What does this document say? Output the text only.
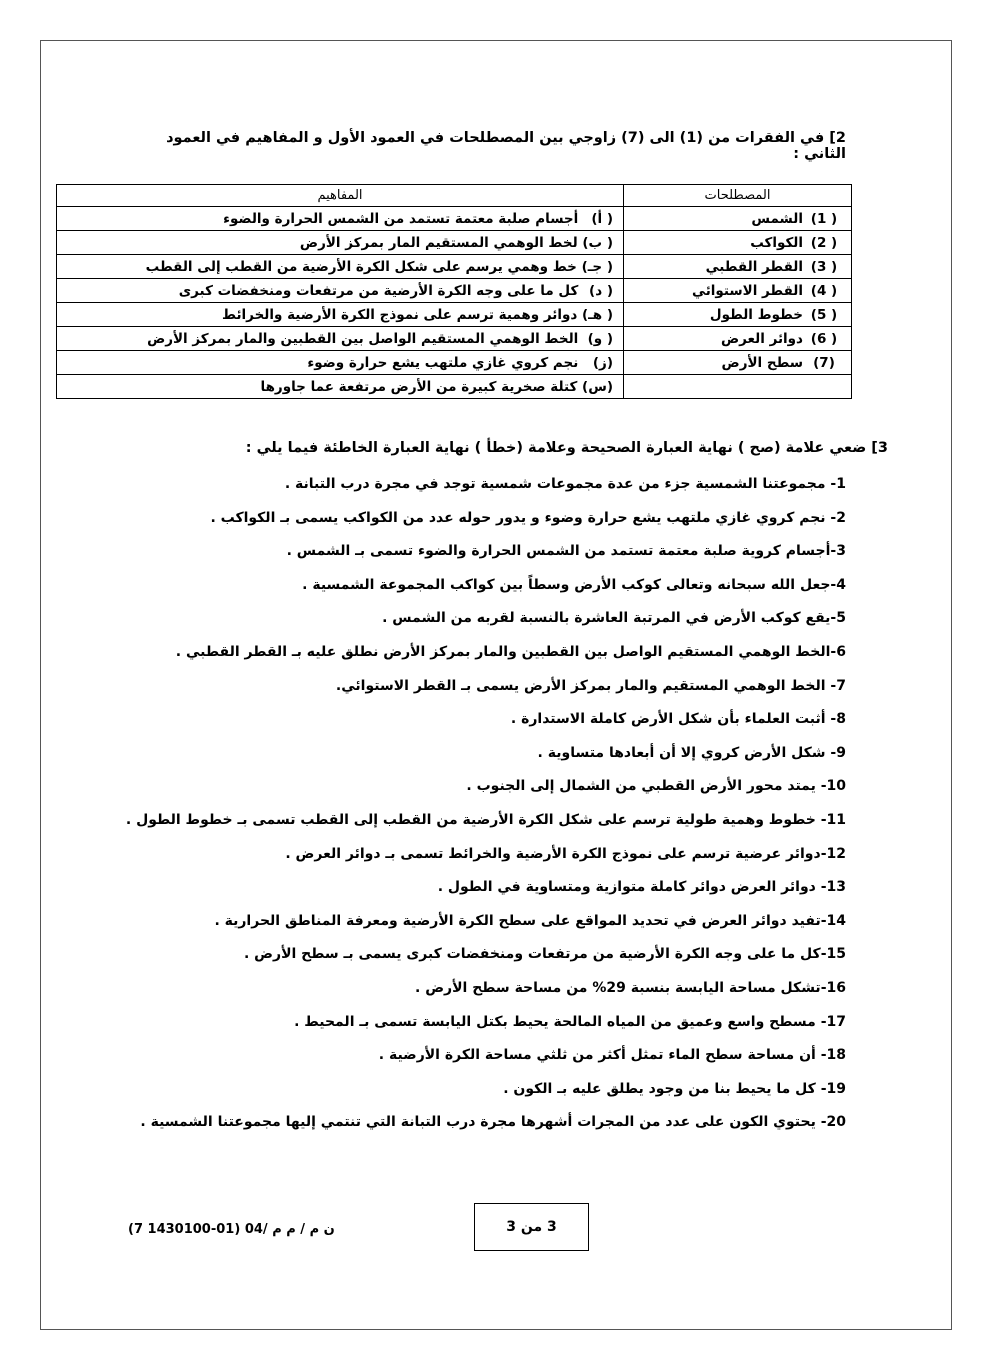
2] في الفقرات من (1) الى (7) زاوجي بين المصطلحات في العمود الأول و المفاهيم في العمود الثاني :
المصطلحات	المفاهيم
( 1)الشمس	( أ) أجسام صلبة معتمة تستمد من الشمس الحرارة والضوء
( 2)الكواكب	( ب) لخط الوهمي المستقيم المار بمركز الأرض
( 3)القطر القطبي	( جـ) خط وهمي يرسم على شكل الكرة الأرضية من القطب إلى القطب
( 4)القطر الاستوائي	( د) كل ما على وجه الكرة الأرضية من مرتفعات ومنخفضات كبرى
( 5)خطوط الطول	( هـ) دوائر وهمية ترسم على نموذج الكرة الأرضية والخرائط
( 6)دوائر العرض	( و) الخط الوهمي المستقيم الواصل بين القطبين والمار بمركز الأرض
(7)سطح الأرض	(ز) نجم كروي غازي ملتهب يشع حرارة وضوء
	(س) كتلة صخرية كبيرة من الأرض مرتفعة عما جاورها
3] ضعي علامة (صح ) نهاية العبارة الصحيحة وعلامة (خطأ ) نهاية العبارة الخاطئة فيما يلي :
1- مجموعتنا الشمسية جزء من عدة مجموعات شمسية توجد في مجرة درب التبانة .
2- نجم كروي غازي ملتهب يشع حرارة وضوء و يدور حوله عدد من الكواكب يسمى بـ الكواكب .
3-أجسام كروية صلبة معتمة تستمد من الشمس الحرارة والضوء تسمى بـ الشمس .
4-جعل الله سبحانه وتعالى كوكب الأرض وسطاً بين كواكب المجموعة الشمسية .
5-يقع كوكب الأرض في المرتبة العاشرة بالنسبة لقربه من الشمس .
6-الخط الوهمي المستقيم الواصل بين القطبين والمار بمركز الأرض نطلق عليه بـ القطر القطبي .
7- الخط الوهمي المستقيم والمار بمركز الأرض يسمى بـ القطر الاستوائي.
8- أثبت العلماء بأن شكل الأرض كاملة الاستدارة .
9- شكل الأرض كروي إلا أن أبعادها متساوية .
10- يمتد محور الأرض القطبي من الشمال إلى الجنوب .
11- خطوط وهمية طولية ترسم على شكل الكرة الأرضية من القطب إلى القطب تسمى بـ خطوط الطول .
12-دوائر عرضية ترسم على نموذج الكرة الأرضية والخرائط تسمى بـ دوائر العرض .
13- دوائر العرض دوائر كاملة متوازية ومتساوية في الطول .
14-تفيد دوائر العرض في تحديد المواقع على سطح الكرة الأرضية ومعرفة المناطق الحرارية .
15-كل ما على وجه الكرة الأرضية من مرتفعات ومنخفضات كبرى يسمى بـ سطح الأرض .
16-تشكل مساحة اليابسة بنسبة 29% من مساحة سطح الأرض .
17- مسطح واسع وعميق من المياه المالحة يحيط بكتل اليابسة تسمى بـ المحيط .
18- أن مساحة سطح الماء تمثل أكثر من ثلثي مساحة الكرة الأرضية .
19- كل ما يحيط بنا من وجود يطلق عليه بـ الكون .
20- يحتوي الكون على عدد من المجرات أشهرها مجرة درب التبانة التي تنتمي إليها مجموعتنا الشمسية .
3 من 3
ن م / م م /04 (01-1430100 7)
